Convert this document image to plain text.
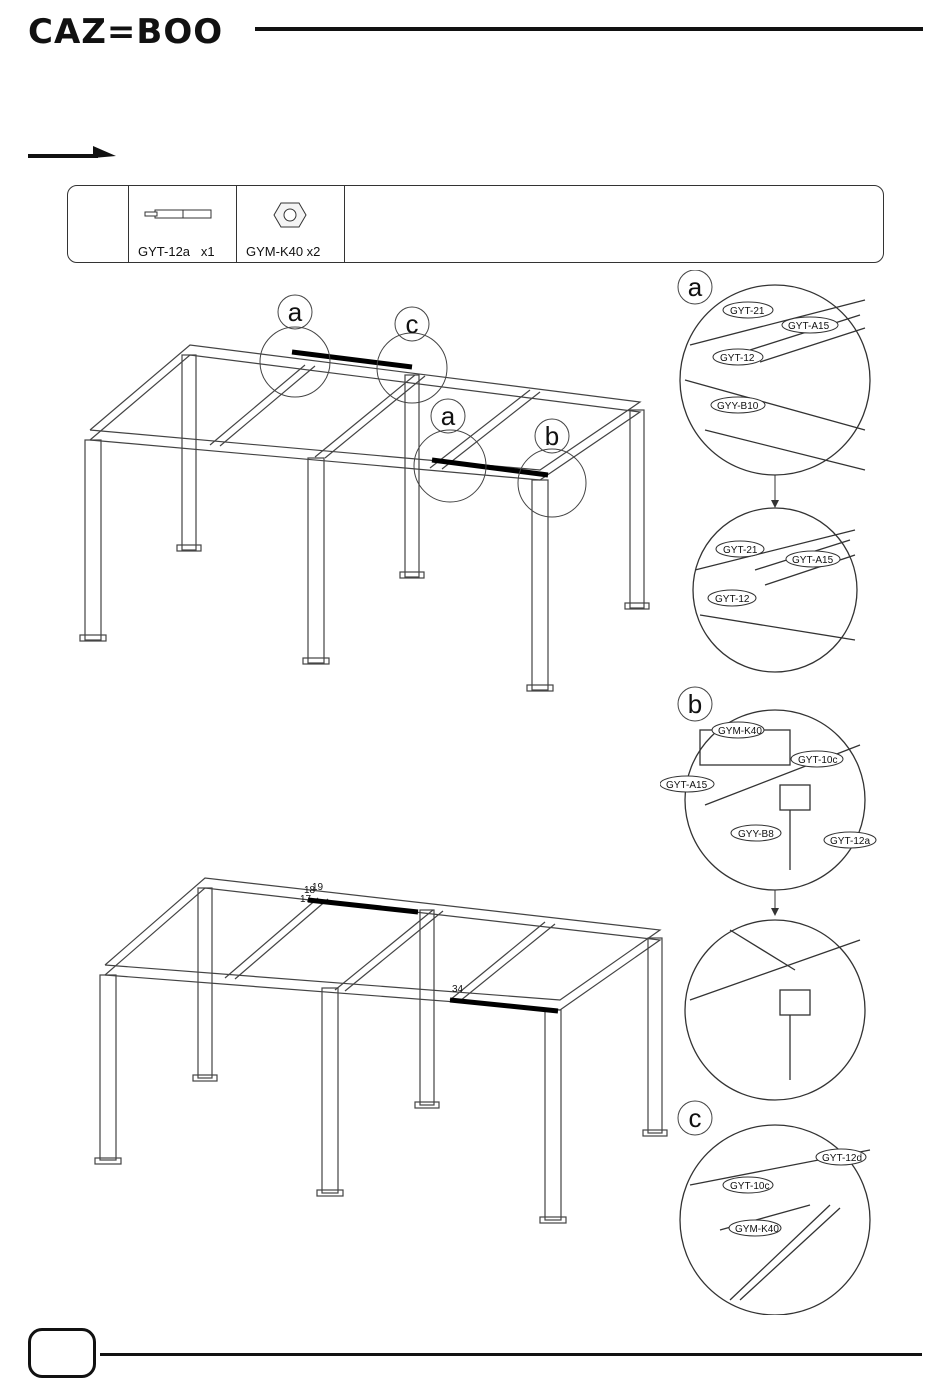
CAZ=BOO
GYT-12a   x1 GYM-K40 x2
a	c
a
b
17
18
19
34
a
b
c
GYT-21
GYT-A15
GYT-12
GYY-B10
GYT-21
GYT-A15
GYT-12
GYM-K40
GYT-10c
GYT-A15
GYY-B8
GYT-12a
GYT-12d
GYT-10c
GYM-K40
